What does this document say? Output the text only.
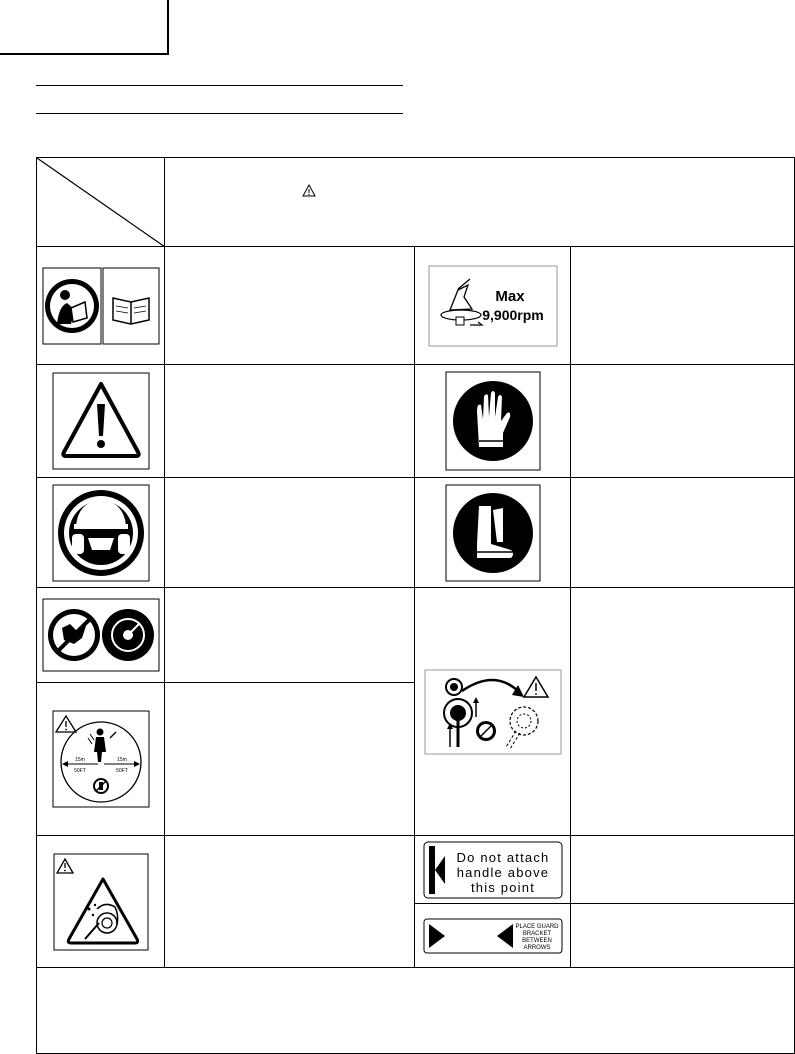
Max
9,900rpm	

15m
50FT
15m
50FT			

Do not attach
handle above
this point	

PLACE GUARD
BRACKET
BETWEEN
ARROWS	
